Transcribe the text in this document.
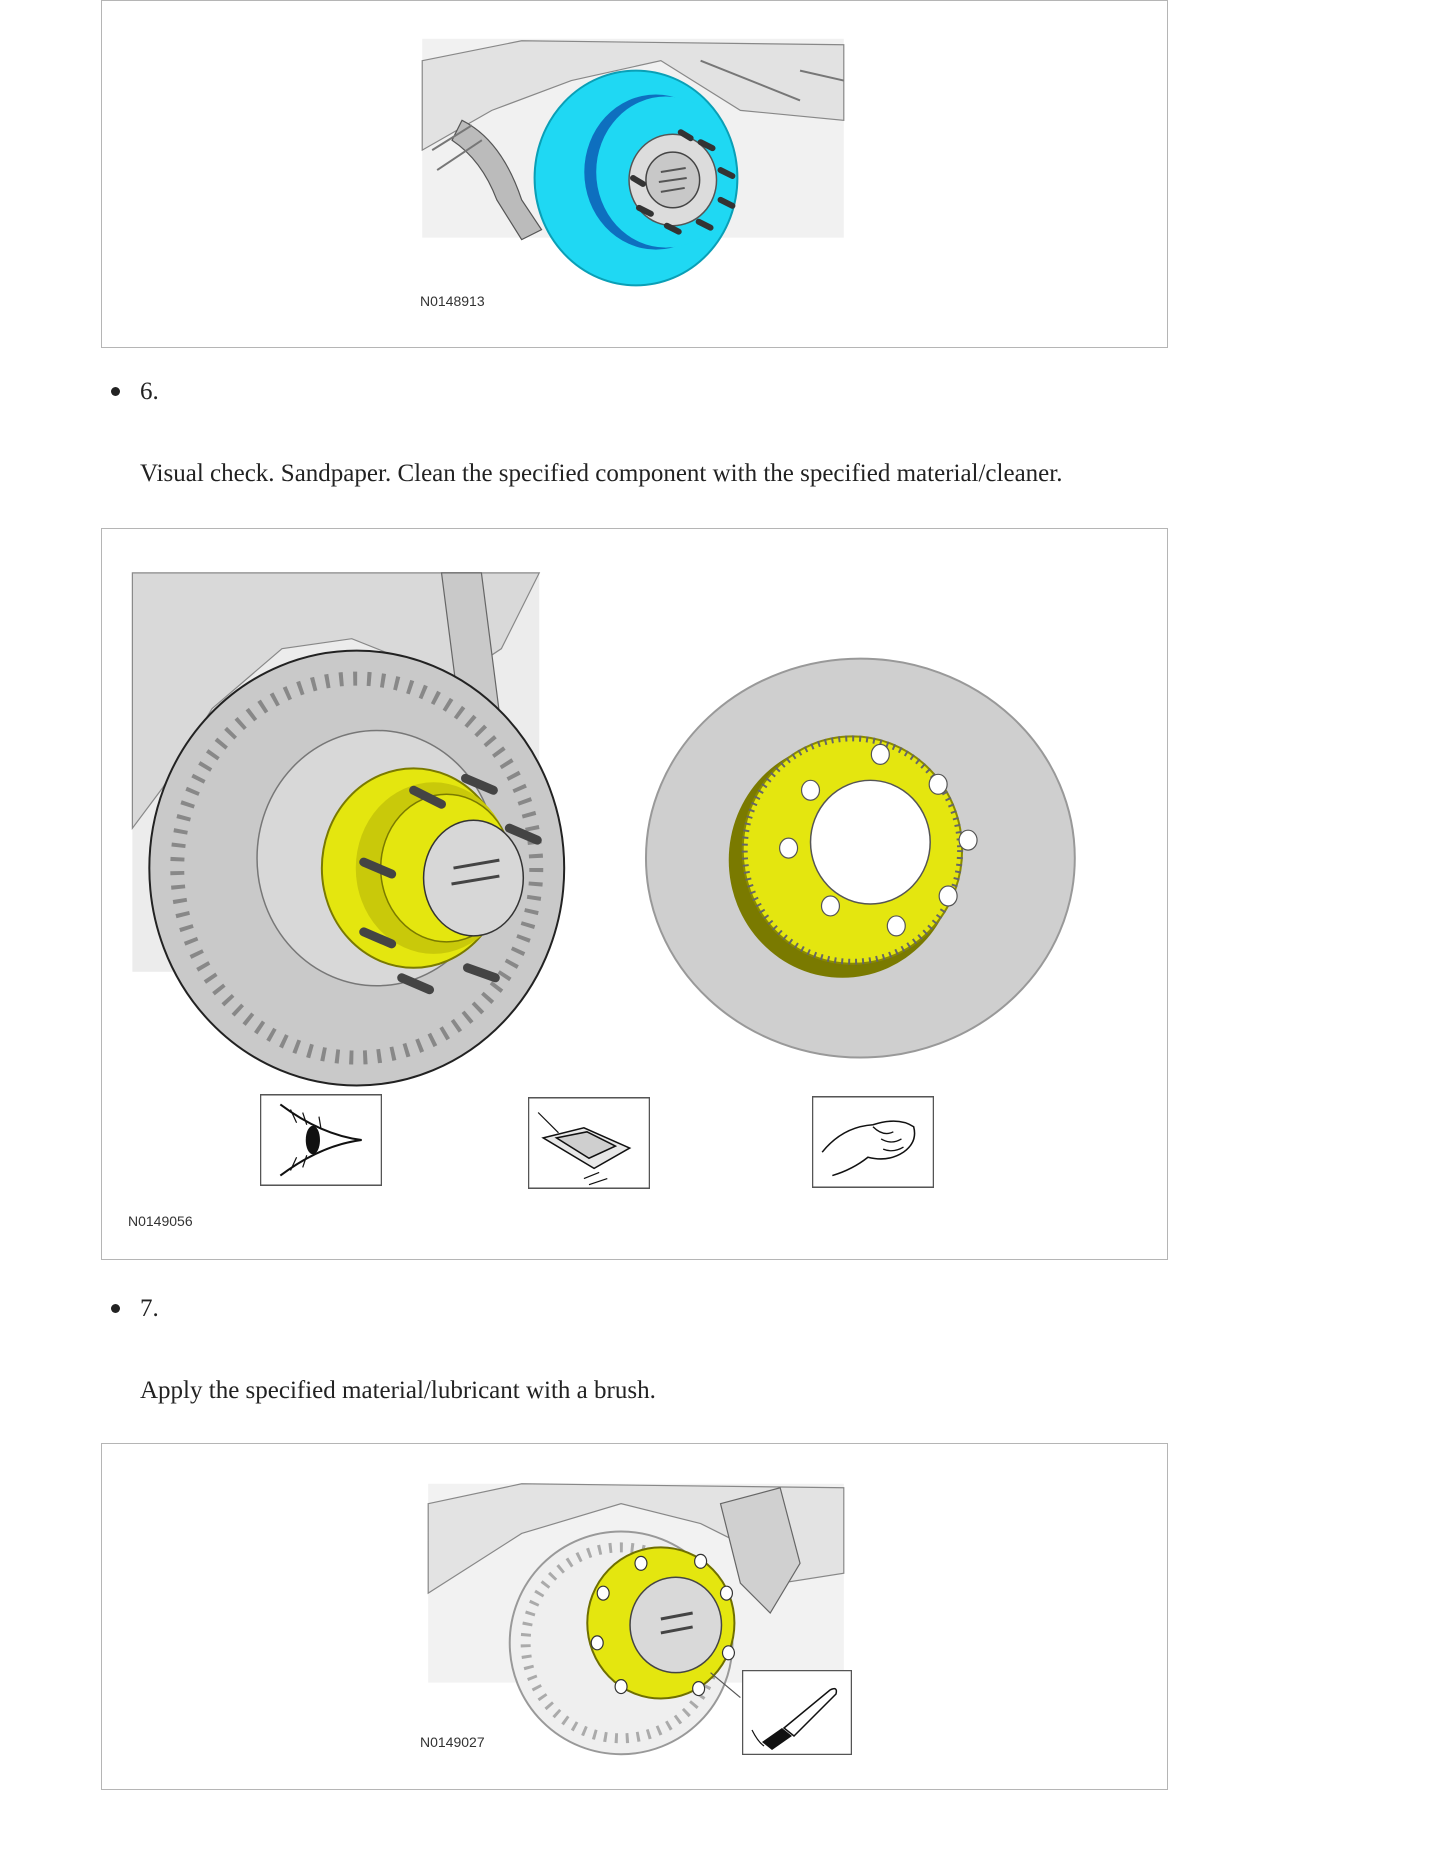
N0148913
6.
Visual check. Sandpaper. Clean the specified component with the specified material/cleaner.
N0149056
7.
Apply the specified material/lubricant with a brush.
N0149027
